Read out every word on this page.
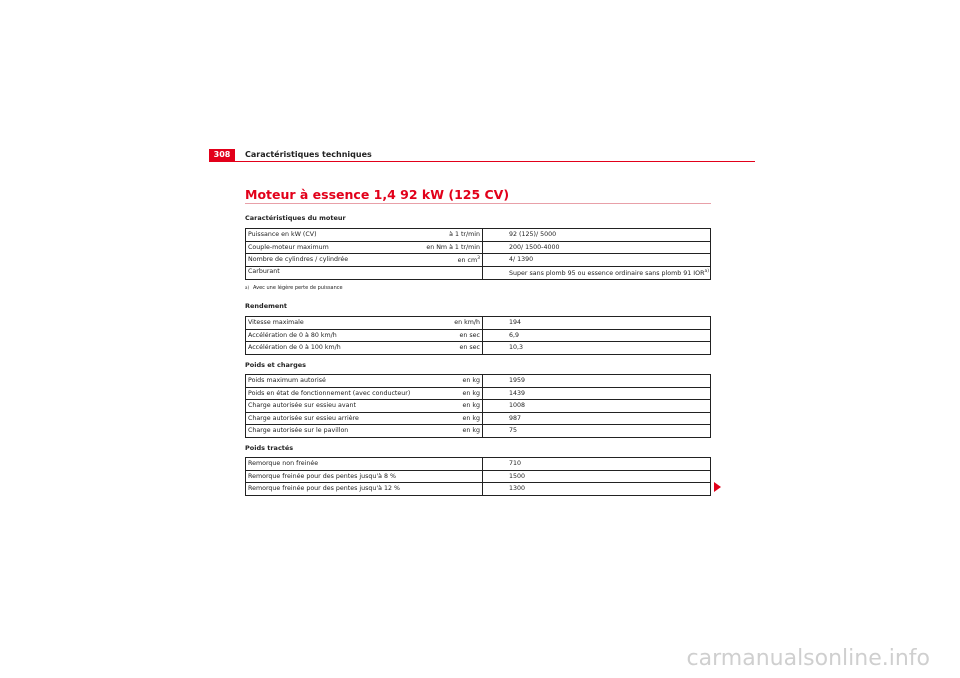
308	Caractéristiques techniques
Moteur à essence 1,4 92 kW (125 CV)
Caractéristiques du moteur
Puissance en kW (CV)	à 1 tr/min	92 (125)/ 5000
Couple-moteur maximum	en Nm à 1 tr/min	200/ 1500-4000
Nombre de cylindres / cylindrée	en $cm^3$	4/ 1390
Carburant		Super sans plomb 95 ou essence ordinaire sans plomb 91 IOR$^{a)}$
$^{a)}$ Avec une légère perte de puissance
Rendement
Vitesse maximale	en km/h	194
Accélération de 0 à 80 km/h	en sec	6,9
Accélération de 0 à 100 km/h	en sec	10,3
Poids et charges
Poids maximum autorisé	en kg	1959
Poids en état de fonctionnement (avec conducteur)	en kg	1439
Charge autorisée sur essieu avant	en kg	1008
Charge autorisée sur essieu arrière	en kg	987
Charge autorisée sur le pavillon	en kg	75
Poids tractés
Remorque non freinée		710
Remorque freinée pour des pentes jusqu'à 8 %		1500
Remorque freinée pour des pentes jusqu'à 12 %		1300
carmanualsonline.info
